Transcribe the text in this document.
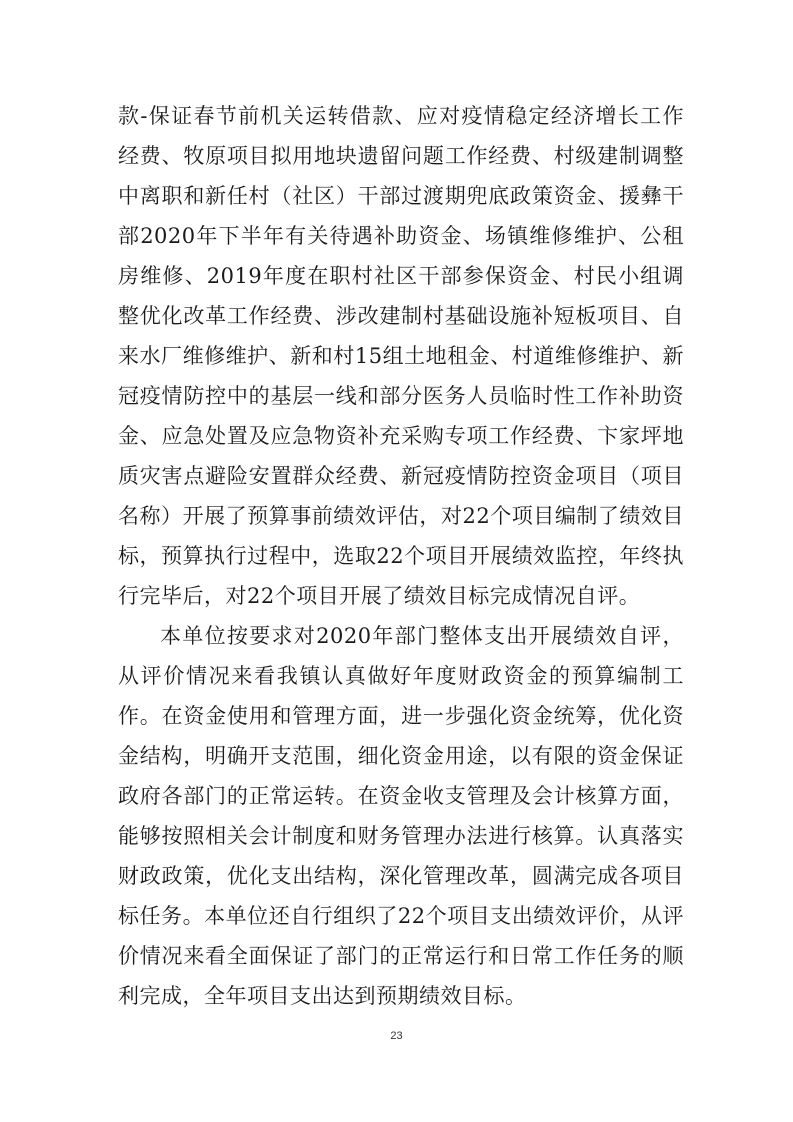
款-保证春节前机关运转借款、应对疫情稳定经济增长工作经费、牧原项目拟用地块遗留问题工作经费、村级建制调整中离职和新任村（社区）干部过渡期兜底政策资金、援彝干部2020年下半年有关待遇补助资金、场镇维修维护、公租房维修、2019年度在职村社区干部参保资金、村民小组调整优化改革工作经费、涉改建制村基础设施补短板项目、自来水厂维修维护、新和村15组土地租金、村道维修维护、新冠疫情防控中的基层一线和部分医务人员临时性工作补助资金、应急处置及应急物资补充采购专项工作经费、卞家坪地质灾害点避险安置群众经费、新冠疫情防控资金项目（项目名称）开展了预算事前绩效评估，对22个项目编制了绩效目标，预算执行过程中，选取22个项目开展绩效监控，年终执行完毕后，对22个项目开展了绩效目标完成情况自评。

本单位按要求对2020年部门整体支出开展绩效自评，从评价情况来看我镇认真做好年度财政资金的预算编制工作。在资金使用和管理方面，进一步强化资金统筹，优化资金结构，明确开支范围，细化资金用途，以有限的资金保证政府各部门的正常运转。在资金收支管理及会计核算方面，能够按照相关会计制度和财务管理办法进行核算。认真落实财政政策，优化支出结构，深化管理改革，圆满完成各项目标任务。本单位还自行组织了22个项目支出绩效评价，从评价情况来看全面保证了部门的正常运行和日常工作任务的顺利完成，全年项目支出达到预期绩效目标。

23
